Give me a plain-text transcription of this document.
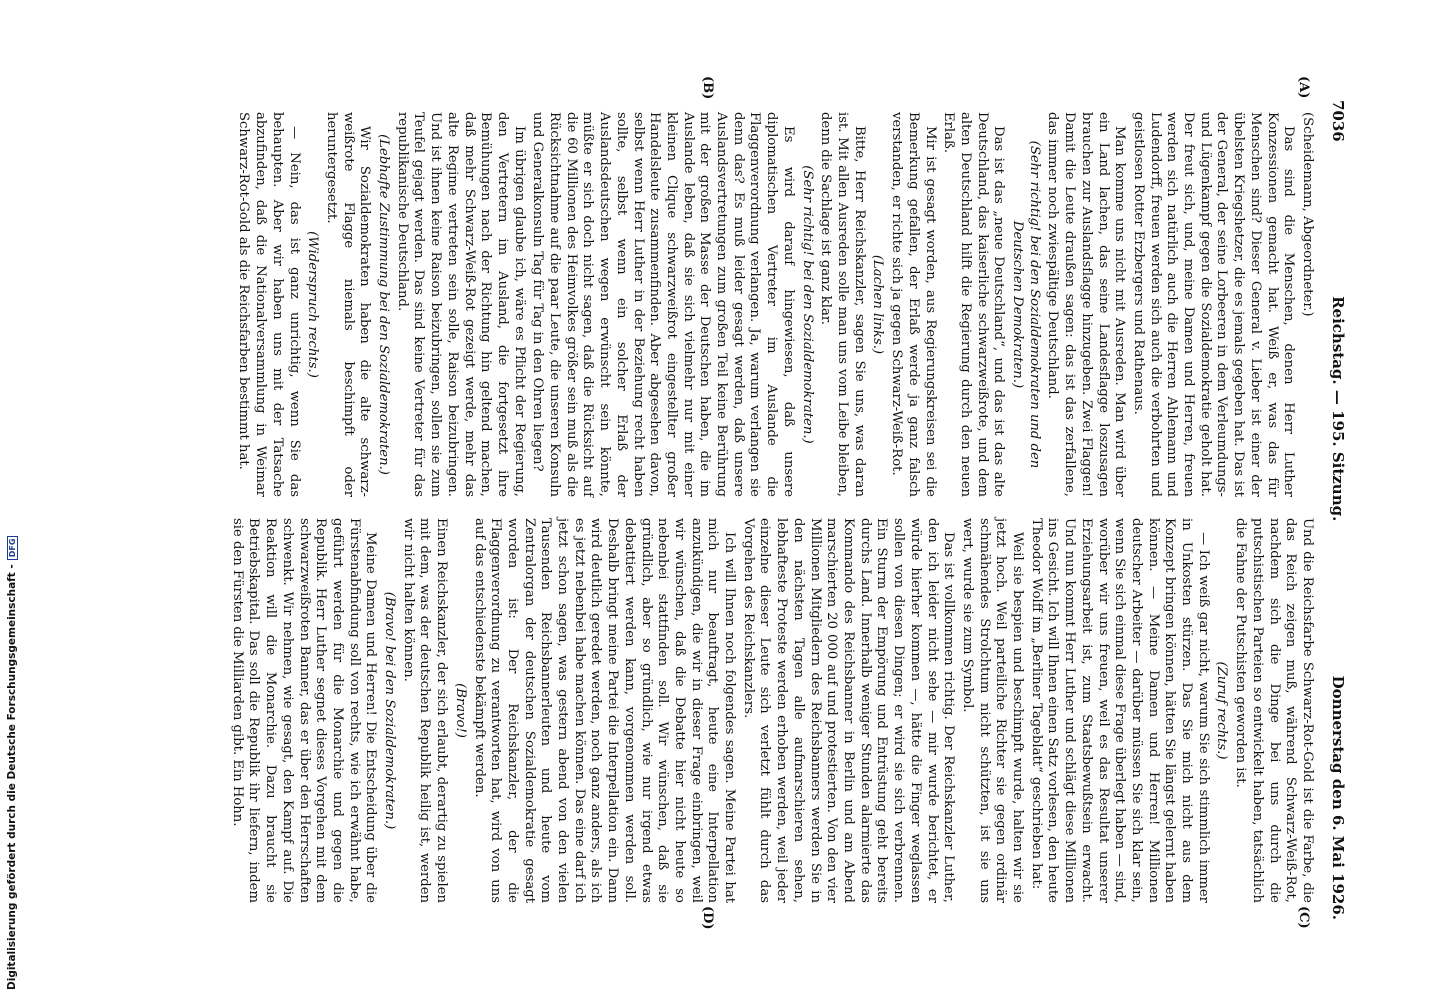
7036
Reichstag. — 195. Sitzung.
Donnerstag den 6. Mai 1926.
(A)
(B)
(C)
(D)

(Scheidemann, Abgeordneter.)

Das sind die Menschen, denen Herr Luther Konzessionen gemacht hat. Weiß er, was das für Menschen sind? Dieser General v. Lieber ist einer der übelsten Kriegshetzer, die es jemals gegeben hat. Das ist der General, der seine Lorbeeren in dem Verleumdungs- und Lügenkampf gegen die Sozialdemokratie geholt hat. Der freut sich, und, meine Damen und Herren, freuen werden sich natürlich auch die Herren Ahlemann und Ludendorff, freuen werden sich auch die verbohrten und geistlosen Rotter Erzbergers und Rathenaus.

Man komme uns nicht mit Ausreden. Man wird über ein Land lachen, das seine Landesflagge loszusagen brauchen zur Auslandsflagge hinzugeben. Zwei Flaggen! Damit die Leute draußen sagen: das ist das zerfallene, das immer noch zwiespältige Deutschland.

(Sehr richtig! bei den Sozialdemokraten und den Deutschen Demokraten.)

Das ist das „neue Deutschland“, und das ist das alte Deutschland, das kaiserliche schwarzweißrote, und dem alten Deutschland hilft die Regierung durch den neuen Erlaß.

Mir ist gesagt worden, aus Regierungskreisen sei die Bemerkung gefallen, der Erlaß werde ja ganz falsch verstanden, er richte sich ja gegen Schwarz-Weiß-Rot.

(Lachen links.)

Bitte, Herr Reichskanzler, sagen Sie uns, was daran ist. Mit allen Ausreden solle man uns vom Leibe bleiben, denn die Sachlage ist ganz klar.

(Sehr richtig! bei den Sozialdemokraten.)

Es wird darauf hingewiesen, daß unsere diplomatischen Vertreter im Auslande die Flaggenverordnung verlangen. Ja, warum verlangen sie denn das? Es muß leider gesagt werden, daß unsere Auslandsvertretungen zum großen Teil keine Berührung mit der großen Masse der Deutschen haben, die im Auslande leben, daß sie sich vielmehr nur mit einer kleinen Clique schwarzweißrot eingestellter großer Handelsleute zusammenfinden. Aber abgesehen davon, selbst wenn Herr Luther in der Beziehung recht haben sollte, selbst wenn ein solcher Erlaß der Auslandsdeutschen wegen erwünscht sein könnte, müßte er sich doch nicht sagen, daß die Rücksicht auf die 60 Millionen des Heimvolkes größer sein muß als die Rücksichtnahme auf die paar Leute, die unseren Konsuln und Generalkonsuln Tag für Tag in den Ohren liegen?

Im übrigen glaube ich, wäre es Pflicht der Regierung, den Vertretern im Ausland, die fortgesetzt ihre Bemühungen nach der Richtung hin geltend machen, daß mehr Schwarz-Weiß-Rot gezeigt werde, mehr das alte Regime vertreten sein solle, Raison beizubringen. Und ist ihnen keine Raison beizubringen, sollen sie zum Teufel gejagt werden. Das sind keine Vertreter für das republikanische Deutschland.

(Lebhafte Zustimmung bei den Sozialdemokraten.)

Wir Sozialdemokraten haben die alte schwarz-weißrote Flagge niemals beschimpft oder heruntergesetzt.

(Widerspruch rechts.)

— Nein, das ist ganz unrichtig, wenn Sie das behaupten. Aber wir haben uns mit der Tatsache abzufinden, daß die Nationalversammlung in Weimar Schwarz-Rot-Gold als die Reichsfarben bestimmt hat.

Und die Reichsfarbe Schwarz-Rot-Gold ist die Farbe, die das Reich zeigen muß, während Schwarz-Weiß-Rot, nachdem sich die Dinge bei uns durch die putschistischen Parteien so entwickelt haben, tatsächlich die Fahne der Putschisten geworden ist.

(Zuruf rechts.)

— Ich weiß gar nicht, warum Sie sich stimmlich immer in Unkosten stürzen. Das Sie mich nicht aus dem Konzept bringen können, hätten Sie längst gelernt haben können. — Meine Damen und Herren! Millionen deutscher Arbeiter — darüber müssen Sie sich klar sein, wenn Sie sich einmal diese Frage überlegt haben — sind, worüber wir uns freuen, weil es das Resultat unserer Erziehungsarbeit ist, zum Staatsbewußtsein erwacht. Und nun kommt Herr Luther und schlägt diese Millionen ins Gesicht. Ich will Ihnen einen Satz vorlesen, den heute Theodor Wolff im „Berliner Tageblatt“ geschrieben hat:

Weil sie bespien und beschimpft wurde, halten wir sie jetzt hoch. Weil parteiliche Richter sie gegen ordinär schmähendes Strolchtum nicht schützten, ist sie uns wert, wurde sie zum Symbol.

Das ist vollkommen richtig. Der Reichskanzler Luther, den ich leider nicht sehe — mir wurde berichtet, er würde hierher kommen —, hätte die Finger weglassen sollen von diesen Dingen; er wird sie sich verbrennen. Ein Sturm der Empörung und Entrüstung geht bereits durchs Land. Innerhalb weniger Stunden alarmierte das Kommando des Reichsbanner in Berlin und am Abend marschierten 20 000 auf und protestierten. Von den vier Millionen Mitgliedern des Reichsbanners werden Sie in den nächsten Tagen alle aufmarschieren sehen, lebhafteste Proteste werden erhoben werden, weil jeder einzelne dieser Leute sich verletzt fühlt durch das Vorgehen des Reichskanzlers.

Ich will Ihnen noch folgendes sagen. Meine Partei hat mich nur beauftragt, heute eine Interpellation anzukündigen, die wir in dieser Frage einbringen, weil wir wünschen, daß die Debatte hier nicht heute so nebenbei stattfinden soll. Wir wünschen, daß sie gründlich, aber so gründlich, wie nur irgend etwas debattiert werden kann, vorgenommen werden soll. Deshalb bringt meine Partei die Interpellation ein. Dann wird deutlich geredet werden, noch ganz anders, als ich es jetzt nebenbei habe machen können. Das eine darf ich jetzt schon sagen, was gestern abend von den vielen Tausenden Reichsbannerleuten und heute vom Zentralorgan der deutschen Sozialdemokratie gesagt worden ist: Der Reichskanzler, der die Flaggenverordnung zu verantworten hat, wird von uns auf das entschiedenste bekämpft werden.

(Bravo!)

Einen Reichskanzler, der sich erlaubt, derartig zu spielen mit dem, was der deutschen Republik heilig ist, werden wir nicht halten können.

(Bravo! bei den Sozialdemokraten.)

Meine Damen und Herren! Die Entscheidung über die Fürstenabfindung soll von rechts, wie ich erwähnt habe, geführt werden für die Monarchie und gegen die Republik. Herr Luther segnet dieses Vorgehen mit dem schwarzweißroten Banner, das er über den Herrschaften schwenkt. Wir nehmen, wie gesagt, den Kampf auf. Die Reaktion will die Monarchie. Dazu braucht sie Betriebskapital. Das soll die Republik ihr liefern, indem sie den Fürsten die Milliarden gibt. Ein Hohn.

Digitalisierung gefördert durch die Deutsche Forschungsgemeinschaft -DFG
